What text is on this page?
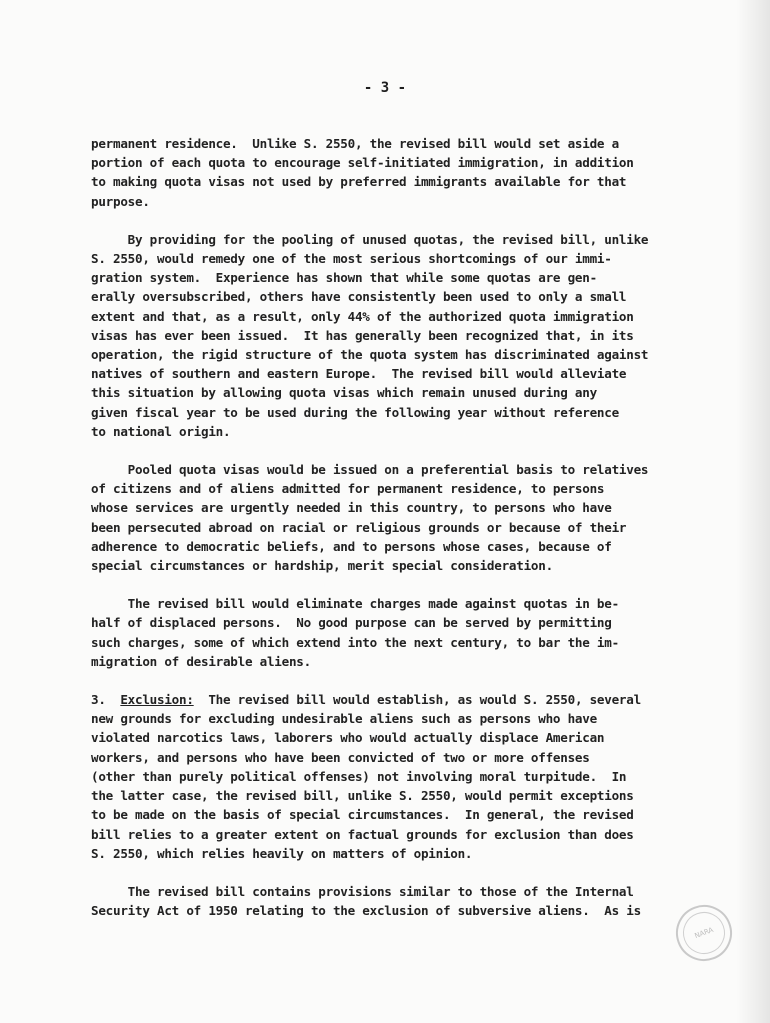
- 3 -
permanent residence.  Unlike S. 2550, the revised bill would set aside a
portion of each quota to encourage self-initiated immigration, in addition
to making quota visas not used by preferred immigrants available for that
purpose.
By providing for the pooling of unused quotas, the revised bill, unlike
S. 2550, would remedy one of the most serious shortcomings of our immi-
gration system.  Experience has shown that while some quotas are gen-
erally oversubscribed, others have consistently been used to only a small
extent and that, as a result, only 44% of the authorized quota immigration
visas has ever been issued.  It has generally been recognized that, in its
operation, the rigid structure of the quota system has discriminated against
natives of southern and eastern Europe.  The revised bill would alleviate
this situation by allowing quota visas which remain unused during any
given fiscal year to be used during the following year without reference
to national origin.
Pooled quota visas would be issued on a preferential basis to relatives
of citizens and of aliens admitted for permanent residence, to persons
whose services are urgently needed in this country, to persons who have
been persecuted abroad on racial or religious grounds or because of their
adherence to democratic beliefs, and to persons whose cases, because of
special circumstances or hardship, merit special consideration.
The revised bill would eliminate charges made against quotas in be-
half of displaced persons.  No good purpose can be served by permitting
such charges, some of which extend into the next century, to bar the im-
migration of desirable aliens.
3.  Exclusion:  The revised bill would establish, as would S. 2550, several
new grounds for excluding undesirable aliens such as persons who have
violated narcotics laws, laborers who would actually displace American
workers, and persons who have been convicted of two or more offenses
(other than purely political offenses) not involving moral turpitude.  In
the latter case, the revised bill, unlike S. 2550, would permit exceptions
to be made on the basis of special circumstances.  In general, the revised
bill relies to a greater extent on factual grounds for exclusion than does
S. 2550, which relies heavily on matters of opinion.
The revised bill contains provisions similar to those of the Internal
Security Act of 1950 relating to the exclusion of subversive aliens.  As is
NARA
